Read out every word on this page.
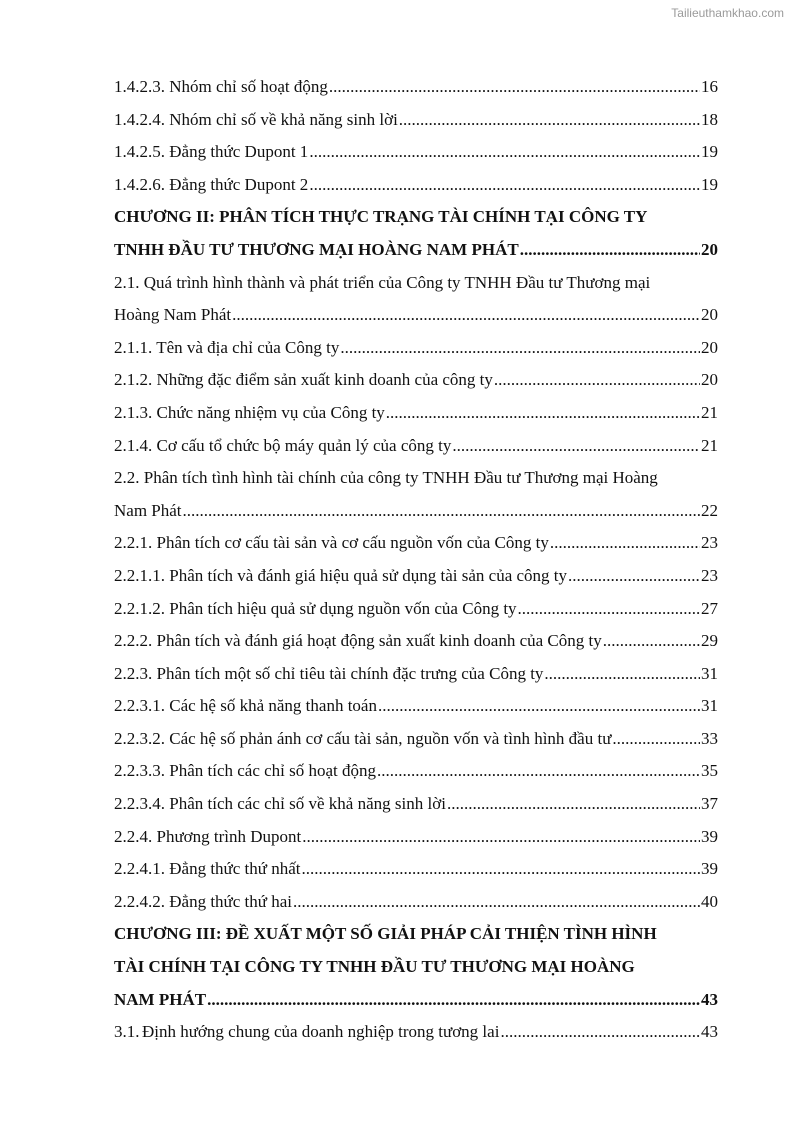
Tailieuthamkhao.com
1.4.2.3. Nhóm chỉ số hoạt động .....	16
1.4.2.4. Nhóm chỉ số về khả năng sinh lời .....	18
1.4.2.5. Đẳng thức Dupont 1 .....	19
1.4.2.6. Đẳng thức Dupont 2 .....	19
CHƯƠNG II: PHÂN TÍCH THỰC TRẠNG TÀI CHÍNH TẠI CÔNG TY
TNHH ĐẦU TƯ THƯƠNG MẠI HOÀNG NAM PHÁT .....	20
2.1. Quá trình hình thành và phát triển của Công ty TNHH Đầu tư Thương mại
Hoàng Nam Phát .....	20
2.1.1. Tên và địa chỉ của Công ty .....	20
2.1.2. Những đặc điểm sản xuất kinh doanh của công ty .....	20
2.1.3. Chức năng nhiệm vụ của Công ty .....	21
2.1.4. Cơ cấu tổ chức bộ máy quản lý của công ty .....	21
2.2. Phân tích tình hình tài chính của công ty TNHH Đầu tư Thương mại Hoàng
Nam Phát .....	22
2.2.1. Phân tích cơ cấu tài sản và cơ cấu nguồn vốn của Công ty .....	23
2.2.1.1. Phân tích và đánh giá hiệu quả sử dụng tài sản của công ty .....	23
2.2.1.2. Phân tích hiệu quả sử dụng nguồn vốn của Công ty .....	27
2.2.2. Phân tích và đánh giá hoạt động sản xuất kinh doanh của Công ty .....	29
2.2.3. Phân tích một số chỉ tiêu tài chính đặc trưng của Công ty .....	31
2.2.3.1. Các hệ số khả năng thanh toán .....	31
2.2.3.2. Các hệ số phản ánh cơ cấu tài sản, nguồn vốn và tình hình đầu tư .....	33
2.2.3.3. Phân tích các chỉ số hoạt động .....	35
2.2.3.4. Phân tích các chỉ số về khả năng sinh lời .....	37
2.2.4. Phương trình Dupont .....	39
2.2.4.1. Đẳng thức thứ nhất .....	39
2.2.4.2. Đẳng thức thứ hai .....	40
CHƯƠNG III: ĐỀ XUẤT MỘT SỐ GIẢI PHÁP CẢI THIỆN TÌNH HÌNH
TÀI CHÍNH TẠI CÔNG TY TNHH ĐẦU TƯ THƯƠNG MẠI HOÀNG
NAM PHÁT .....	43
3.1. Định hướng chung của doanh nghiệp trong tương lai .....	43
